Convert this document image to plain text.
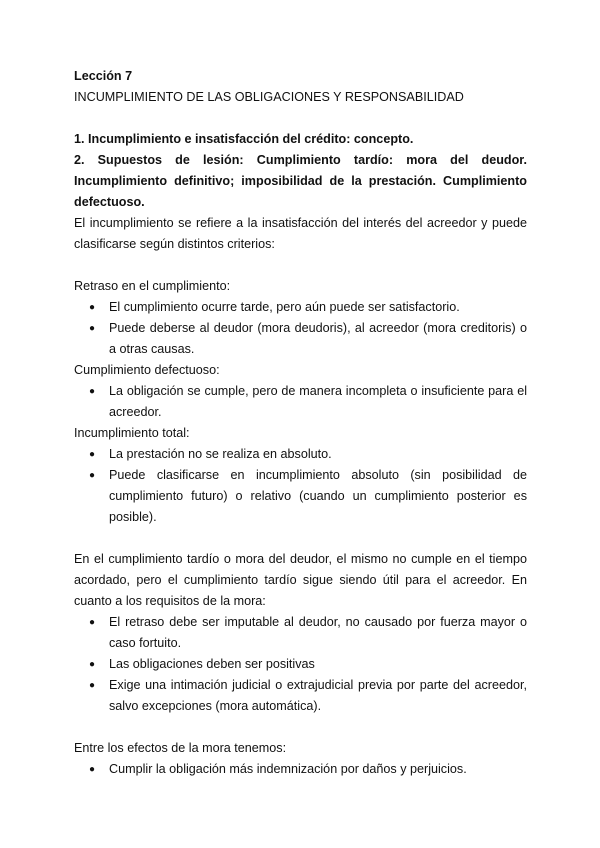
Lección 7

INCUMPLIMIENTO DE LAS OBLIGACIONES Y RESPONSABILIDAD

1. Incumplimiento e insatisfacción del crédito: concepto.

2. Supuestos de lesión: Cumplimiento tardío: mora del deudor. Incumplimiento definitivo; imposibilidad de la prestación. Cumplimiento defectuoso.

El incumplimiento se refiere a la insatisfacción del interés del acreedor y puede clasificarse según distintos criterios:

Retraso en el cumplimiento:

● El cumplimiento ocurre tarde, pero aún puede ser satisfactorio.
● Puede deberse al deudor (mora deudoris), al acreedor (mora creditoris) o a otras causas.

Cumplimiento defectuoso:

● La obligación se cumple, pero de manera incompleta o insuficiente para el acreedor.

Incumplimiento total:

● La prestación no se realiza en absoluto.
● Puede clasificarse en incumplimiento absoluto (sin posibilidad de cumplimiento futuro) o relativo (cuando un cumplimiento posterior es posible).

En el cumplimiento tardío o mora del deudor, el mismo no cumple en el tiempo acordado, pero el cumplimiento tardío sigue siendo útil para el acreedor. En cuanto a los requisitos de la mora:

● El retraso debe ser imputable al deudor, no causado por fuerza mayor o caso fortuito.
● Las obligaciones deben ser positivas
● Exige una intimación judicial o extrajudicial previa por parte del acreedor, salvo excepciones (mora automática).

Entre los efectos de la mora tenemos:

● Cumplir la obligación más indemnización por daños y perjuicios.
